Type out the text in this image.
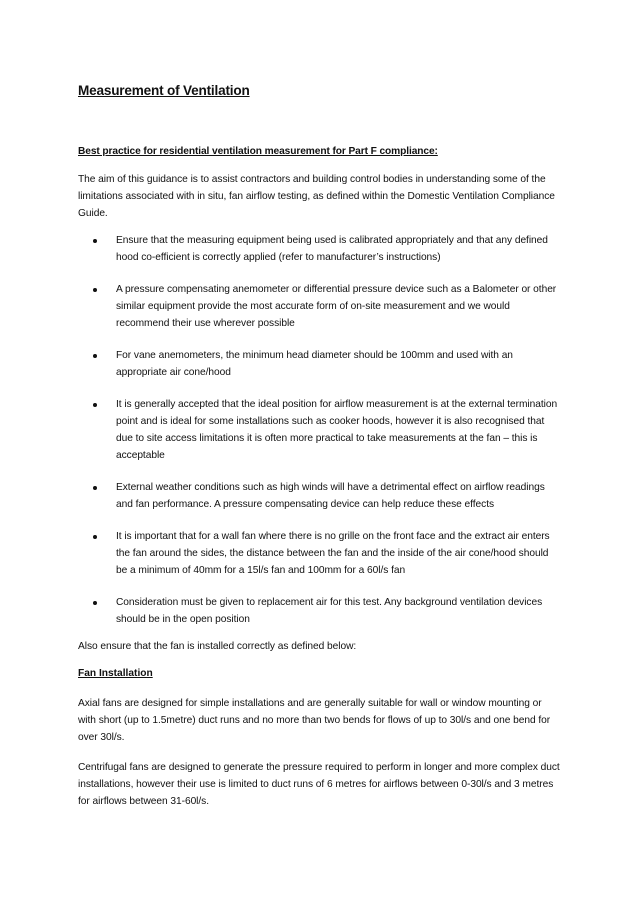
Measurement of Ventilation
Best practice for residential ventilation measurement for Part F compliance:

The aim of this guidance is to assist contractors and building control bodies in understanding some of the limitations associated with in situ, fan airflow testing, as defined within the Domestic Ventilation Compliance Guide.

Ensure that the measuring equipment being used is calibrated appropriately and that any defined hood co-efficient is correctly applied (refer to manufacturer’s instructions)
A pressure compensating anemometer or differential pressure device such as a Balometer or other similar equipment provide the most accurate form of on-site measurement and we would recommend their use wherever possible
For vane anemometers, the minimum head diameter should be 100mm and used with an appropriate air cone/hood
It is generally accepted that the ideal position for airflow measurement is at the external termination point and is ideal for some installations such as cooker hoods, however it is also recognised that due to site access limitations it is often more practical to take measurements at the fan – this is acceptable
External weather conditions such as high winds will have a detrimental effect on airflow readings and fan performance. A pressure compensating device can help reduce these effects
It is important that for a wall fan where there is no grille on the front face and the extract air enters the fan around the sides, the distance between the fan and the inside of the air cone/hood should be a minimum of 40mm for a 15l/s fan and 100mm for a 60l/s fan
Consideration must be given to replacement air for this test. Any background ventilation devices should be in the open position

Also ensure that the fan is installed correctly as defined below:

Fan Installation

Axial fans are designed for simple installations and are generally suitable for wall or window mounting or with short (up to 1.5metre) duct runs and no more than two bends for flows of up to 30l/s and one bend for over 30l/s.

Centrifugal fans are designed to generate the pressure required to perform in longer and more complex duct installations, however their use is limited to duct runs of 6 metres for airflows between 0-30l/s and 3 metres for airflows between 31-60l/s.
